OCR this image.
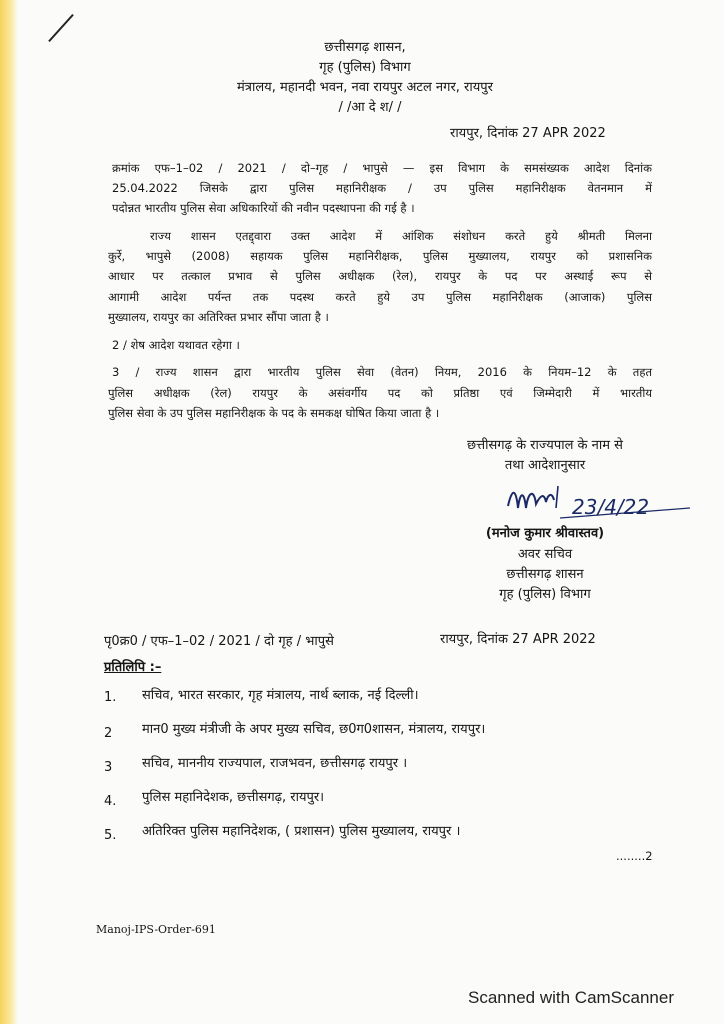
छत्तीसगढ़ शासन,
गृह (पुलिस) विभाग
मंत्रालय, महानदी भवन, नवा रायपुर अटल नगर, रायपुर
/ /आ दे श/ /
रायपुर, दिनांक 27 APR 2022
क्रमांक एफ–1–02 / 2021 / दो–गृह / भापुसे — इस विभाग के समसंख्यक आदेश दिनांक
25.04.2022 जिसके द्वारा पुलिस महानिरीक्षक / उप पुलिस महानिरीक्षक वेतनमान में
पदोन्नत भारतीय पुलिस सेवा अधिकारियों की नवीन पदस्थापना की गई है ।
राज्य शासन एतद्द्वारा उक्त आदेश में आंशिक संशोधन करते हुये श्रीमती मिलना
कुर्रे, भापुसे (2008) सहायक पुलिस महानिरीक्षक, पुलिस मुख्यालय, रायपुर को प्रशासनिक
आधार पर तत्काल प्रभाव से पुलिस अधीक्षक (रेल), रायपुर के पद पर अस्थाई रूप से
आगामी आदेश पर्यन्त तक पदस्थ करते हुये उप पुलिस महानिरीक्षक (आजाक) पुलिस
मुख्यालय, रायपुर का अतिरिक्त प्रभार सौंपा जाता है ।
2 / शेष आदेश यथावत रहेगा ।
3 / राज्य शासन द्वारा भारतीय पुलिस सेवा (वेतन) नियम, 2016 के नियम–12 के तहत
पुलिस अधीक्षक (रेल) रायपुर के असंवर्गीय पद को प्रतिष्ठा एवं जिम्मेदारी में भारतीय
पुलिस सेवा के उप पुलिस महानिरीक्षक के पद के समकक्ष घोषित किया जाता है ।
छत्तीसगढ़ के राज्यपाल के नाम से
तथा आदेशानुसार
23/4/22
(मनोज कुमार श्रीवास्तव)
अवर सचिव
छत्तीसगढ़ शासन
गृह (पुलिस) विभाग
पृ0क्र0 / एफ–1–02 / 2021 / दो गृह / भापुसे	रायपुर, दिनांक 27 APR 2022
प्रतिलिपि :–
1. सचिव, भारत सरकार, गृह मंत्रालय, नार्थ ब्लाक, नई दिल्ली।
2 मान0 मुख्य मंत्रीजी के अपर मुख्य सचिव, छ0ग0शासन, मंत्रालय, रायपुर।
3 सचिव, माननीय राज्यपाल, राजभवन, छत्तीसगढ़ रायपुर ।
4. पुलिस महानिदेशक, छत्तीसगढ़, रायपुर।
5. अतिरिक्त पुलिस महानिदेशक, ( प्रशासन) पुलिस मुख्यालय, रायपुर ।
........2
Manoj-IPS-Order-691
Scanned with CamScanner
